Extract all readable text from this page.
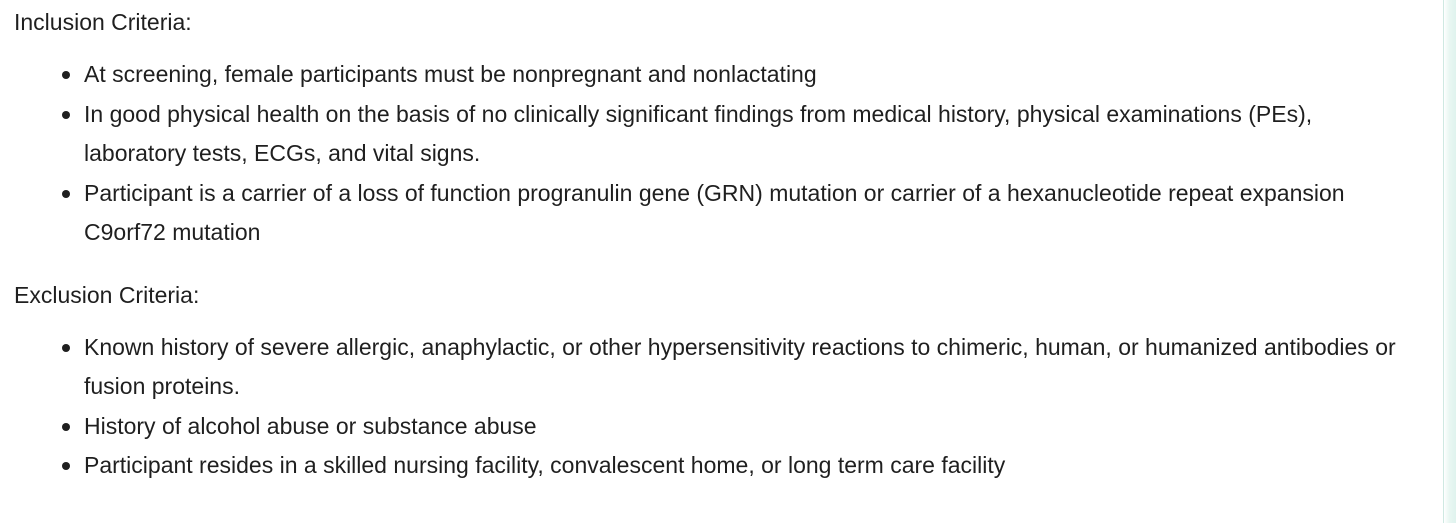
Inclusion Criteria:
At screening, female participants must be nonpregnant and nonlactating
In good physical health on the basis of no clinically significant findings from medical history, physical examinations (PEs), laboratory tests, ECGs, and vital signs.
Participant is a carrier of a loss of function progranulin gene (GRN) mutation or carrier of a hexanucleotide repeat expansion C9orf72 mutation
Exclusion Criteria:
Known history of severe allergic, anaphylactic, or other hypersensitivity reactions to chimeric, human, or humanized antibodies or fusion proteins.
History of alcohol abuse or substance abuse
Participant resides in a skilled nursing facility, convalescent home, or long term care facility
